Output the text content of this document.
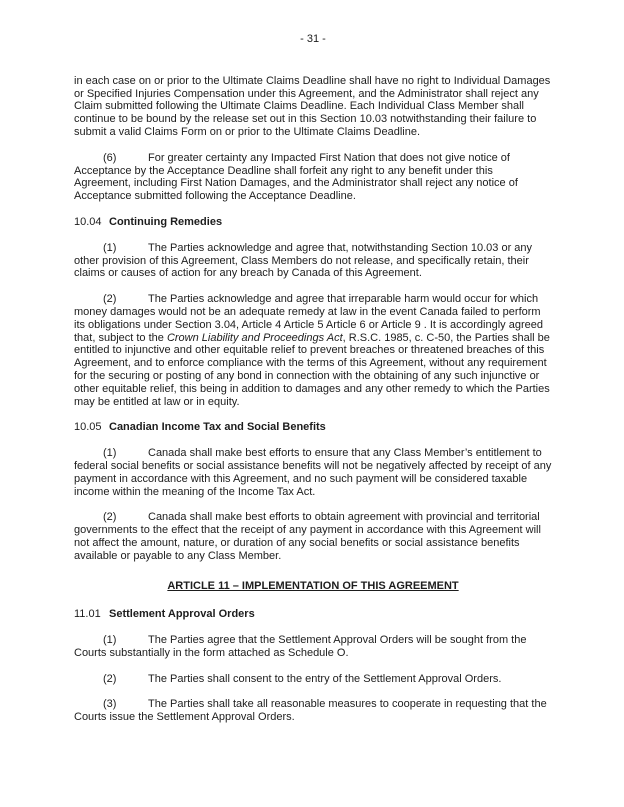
- 31 -

in each case on or prior to the Ultimate Claims Deadline shall have no right to Individual Damages or Specified Injuries Compensation under this Agreement, and the Administrator shall reject any Claim submitted following the Ultimate Claims Deadline. Each Individual Class Member shall continue to be bound by the release set out in this Section 10.03 notwithstanding their failure to submit a valid Claims Form on or prior to the Ultimate Claims Deadline.

(6)	For greater certainty any Impacted First Nation that does not give notice of Acceptance by the Acceptance Deadline shall forfeit any right to any benefit under this Agreement, including First Nation Damages, and the Administrator shall reject any notice of Acceptance submitted following the Acceptance Deadline.

10.04 Continuing Remedies

(1)	The Parties acknowledge and agree that, notwithstanding Section 10.03 or any other provision of this Agreement, Class Members do not release, and specifically retain, their claims or causes of action for any breach by Canada of this Agreement.

(2)	The Parties acknowledge and agree that irreparable harm would occur for which money damages would not be an adequate remedy at law in the event Canada failed to perform its obligations under Section 3.04, Article 4 Article 5 Article 6 or Article 9 . It is accordingly agreed that, subject to the Crown Liability and Proceedings Act, R.S.C. 1985, c. C-50, the Parties shall be entitled to injunctive and other equitable relief to prevent breaches or threatened breaches of this Agreement, and to enforce compliance with the terms of this Agreement, without any requirement for the securing or posting of any bond in connection with the obtaining of any such injunctive or other equitable relief, this being in addition to damages and any other remedy to which the Parties may be entitled at law or in equity.

10.05 Canadian Income Tax and Social Benefits

(1)	Canada shall make best efforts to ensure that any Class Member’s entitlement to federal social benefits or social assistance benefits will not be negatively affected by receipt of any payment in accordance with this Agreement, and no such payment will be considered taxable income within the meaning of the Income Tax Act.

(2)	Canada shall make best efforts to obtain agreement with provincial and territorial governments to the effect that the receipt of any payment in accordance with this Agreement will not affect the amount, nature, or duration of any social benefits or social assistance benefits available or payable to any Class Member.

ARTICLE 11 – IMPLEMENTATION OF THIS AGREEMENT
11.01 Settlement Approval Orders

(1)	The Parties agree that the Settlement Approval Orders will be sought from the Courts substantially in the form attached as Schedule O.

(2)	The Parties shall consent to the entry of the Settlement Approval Orders.

(3)	The Parties shall take all reasonable measures to cooperate in requesting that the Courts issue the Settlement Approval Orders.
